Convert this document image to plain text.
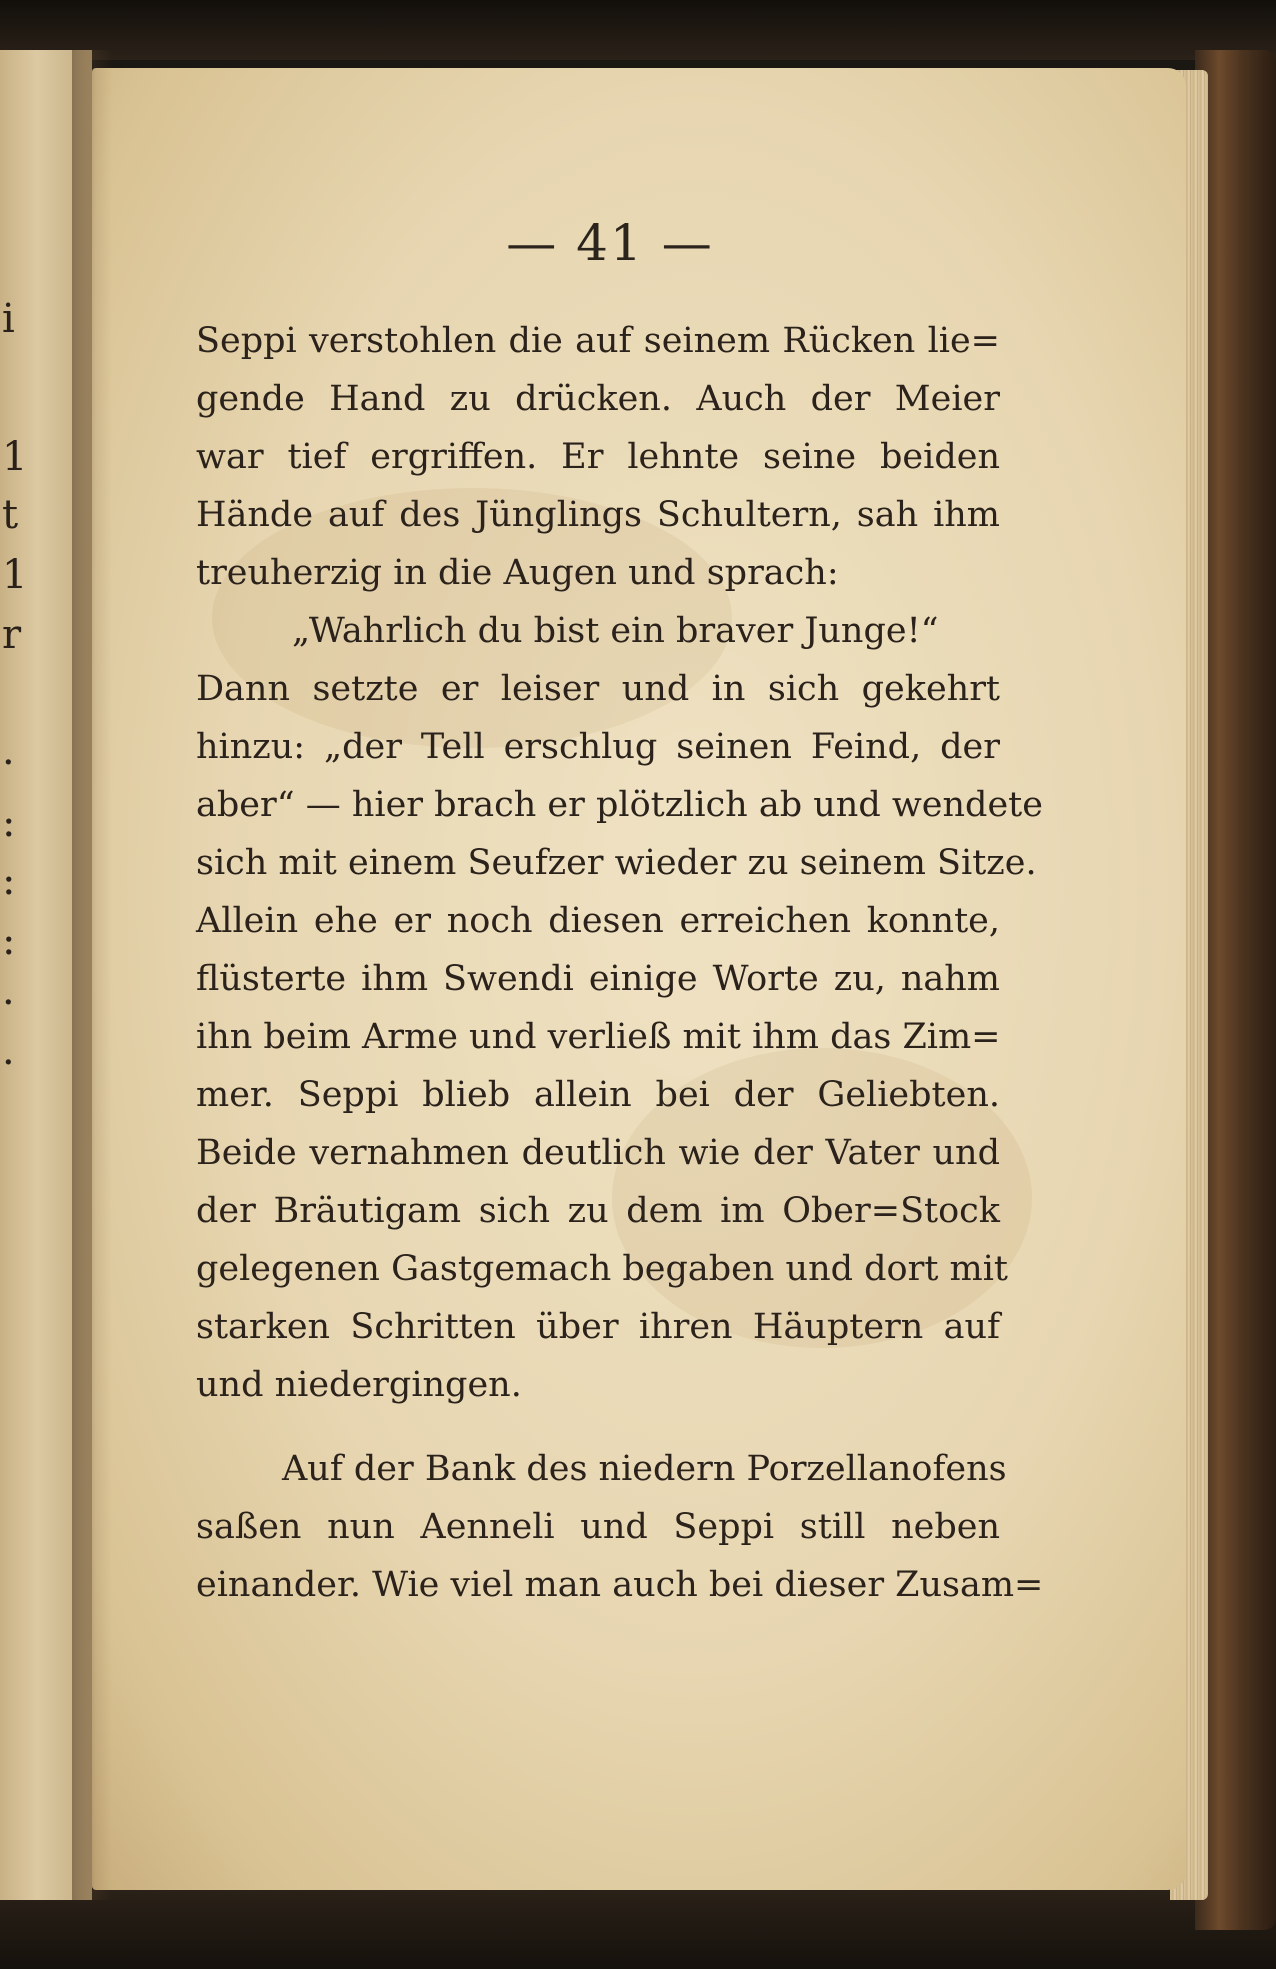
i
1
t
1
r
·
:
:
:
·
·
— 41 —
Seppi verstohlen die auf seinem Rücken lie=
gende Hand zu drücken. Auch der Meier
war tief ergriffen. Er lehnte seine beiden
Hände auf des Jünglings Schultern, sah ihm
treuherzig in die Augen und sprach:
„Wahrlich du bist ein braver Junge!“
Dann setzte er leiser und in sich gekehrt
hinzu: „der Tell erschlug seinen Feind, der
aber“ — hier brach er plötzlich ab und wendete
sich mit einem Seufzer wieder zu seinem Sitze.
Allein ehe er noch diesen erreichen konnte,
flüsterte ihm Swendi einige Worte zu, nahm
ihn beim Arme und verließ mit ihm das Zim=
mer. Seppi blieb allein bei der Geliebten.
Beide vernahmen deutlich wie der Vater und
der Bräutigam sich zu dem im Ober=Stock
gelegenen Gastgemach begaben und dort mit
starken Schritten über ihren Häuptern auf
und niedergingen.
Auf der Bank des niedern Porzellanofens
saßen nun Aenneli und Seppi still neben
einander. Wie viel man auch bei dieser Zusam=
